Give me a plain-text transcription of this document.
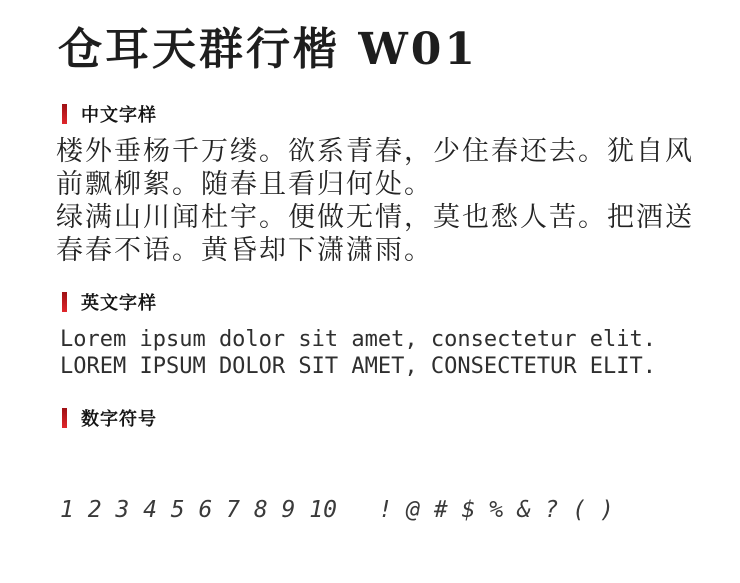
仓耳天群行楷 W01
中文字样
楼外垂杨千万缕。欲系青春，少住春还去。犹自风
前飘柳絮。随春且看归何处。
绿满山川闻杜宇。便做无情，莫也愁人苦。把酒送
春春不语。黄昏却下潇潇雨。
英文字样
Lorem ipsum dolor sit amet, consectetur elit.
LOREM IPSUM DOLOR SIT AMET, CONSECTETUR ELIT.
数字符号

1 2 3 4 5 6 7 8 9 10   ! @ # $ % & ? ( )
